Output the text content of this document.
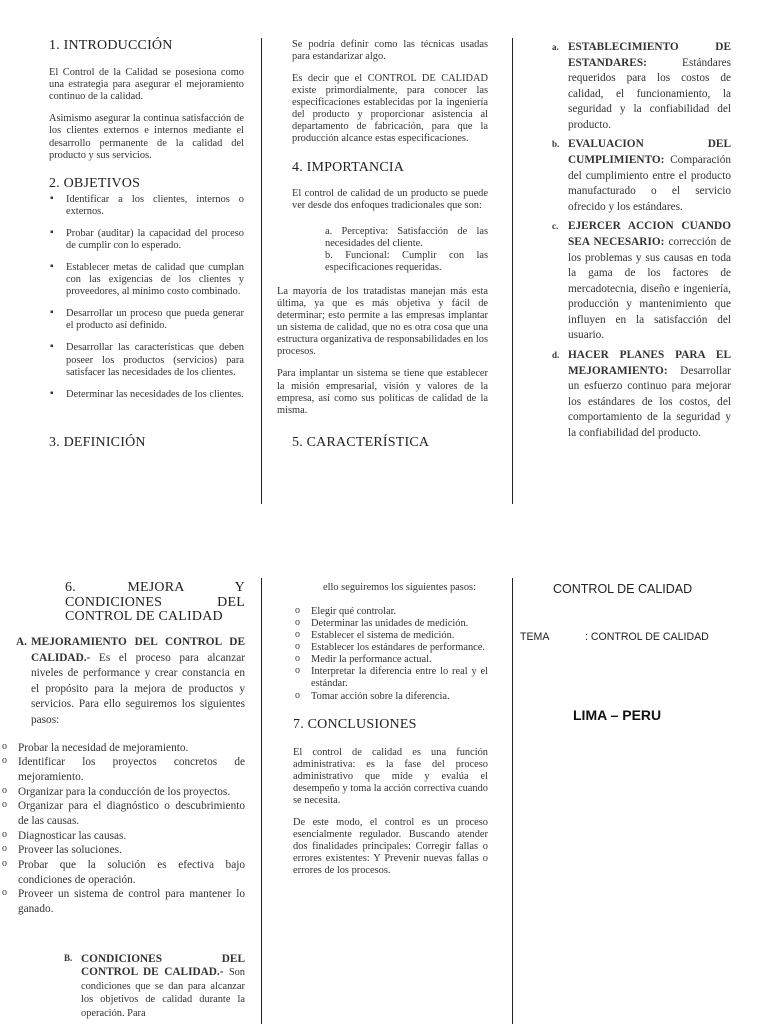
1. INTRODUCCIÓN

El Control de la Calidad se posesiona como una estrategia para asegurar el mejoramiento continuo de la calidad.

Asimismo asegurar la continua satisfacción de los clientes externos e internos mediante el desarrollo permanente de la calidad del producto y sus servicios.

2. OBJETIVOS
▪ Identificar a los clientes, internos o externos.
▪ Probar (auditar) la capacidad del proceso de cumplir con lo esperado.
▪ Establecer metas de calidad que cumplan con las exigencias de los clientes y proveedores, al mínimo costo combinado.
▪ Desarrollar un proceso que pueda generar el producto así definido.
▪ Desarrollar las características que deben poseer los productos (servicios) para satisfacer las necesidades de los clientes.
▪ Determinar las necesidades de los clientes.
3. DEFINICIÓN

Se podría definir como las técnicas usadas para estandarizar algo.

Es decir que el CONTROL DE CALIDAD existe primordialmente, para conocer las especificaciones establecidas por la ingeniería del producto y proporcionar asistencia al departamento de fabricación, para que la producción alcance estas especificaciones.

4. IMPORTANCIA

El control de calidad de un producto se puede ver desde dos enfoques tradicionales que son:

a. Perceptiva: Satisfacción de las necesidades del cliente.
b. Funcional: Cumplir con las especificaciones requeridas.

La mayoría de los tratadistas manejan más esta última, ya que es más objetiva y fácil de determinar; esto permite a las empresas implantar un sistema de calidad, que no es otra cosa que una estructura organizativa de responsabilidades en los procesos.

Para implantar un sistema se tiene que establecer la misión empresarial, visión y valores de la empresa, así como sus políticas de calidad de la misma.

5. CARACTERÍSTICA
a. ESTABLECIMIENTO DE ESTANDARES: Estándares requeridos para los costos de calidad, el funcionamiento, la seguridad y la confiabilidad del producto.
b. EVALUACION DEL CUMPLIMIENTO: Comparación del cumplimiento entre el producto manufacturado o el servicio ofrecido y los estándares.
c. EJERCER ACCION CUANDO SEA NECESARIO: corrección de los problemas y sus causas en toda la gama de los factores de mercadotecnia, diseño e ingeniería, producción y mantenimiento que influyen en la satisfacción del usuario.
d. HACER PLANES PARA EL MEJORAMIENTO: Desarrollar un esfuerzo continuo para mejorar los estándares de los costos, del comportamiento de la seguridad y la confiabilidad del producto.
6. MEJORA Y CONDICIONES DEL CONTROL DE CALIDAD
A. MEJORAMIENTO DEL CONTROL DE CALIDAD.- Es el proceso para alcanzar niveles de performance y crear constancia en el propósito para la mejora de productos y servicios. Para ello seguiremos los siguientes pasos:
o Probar la necesidad de mejoramiento.
o Identificar los proyectos concretos de mejoramiento.
o Organizar para la conducción de los proyectos.
o Organizar para el diagnóstico o descubrimiento de las causas.
o Diagnosticar las causas.
o Proveer las soluciones.
o Probar que la solución es efectiva bajo condiciones de operación.
o Proveer un sistema de control para mantener lo ganado.
B. CONDICIONES DEL CONTROL DE CALIDAD.- Son condiciones que se dan para alcanzar los objetivos de calidad durante la operación. Para

ello seguiremos los siguientes pasos:

o Elegir qué controlar.
o Determinar las unidades de medición.
o Establecer el sistema de medición.
o Establecer los estándares de performance.
o Medir la performance actual.
o Interpretar la diferencia entre lo real y el estándar.
o Tomar acción sobre la diferencia.
7. CONCLUSIONES

El control de calidad es una función administrativa: es la fase del proceso administrativo que mide y evalúa el desempeño y toma la acción correctiva cuando se necesita.

De este modo, el control es un proceso esencialmente regulador. Buscando atender dos finalidades principales: Corregir fallas o errores existentes: Y Prevenir nuevas fallas o errores de los procesos.

CONTROL DE CALIDAD
TEMA	: CONTROL DE CALIDAD
LIMA – PERU
